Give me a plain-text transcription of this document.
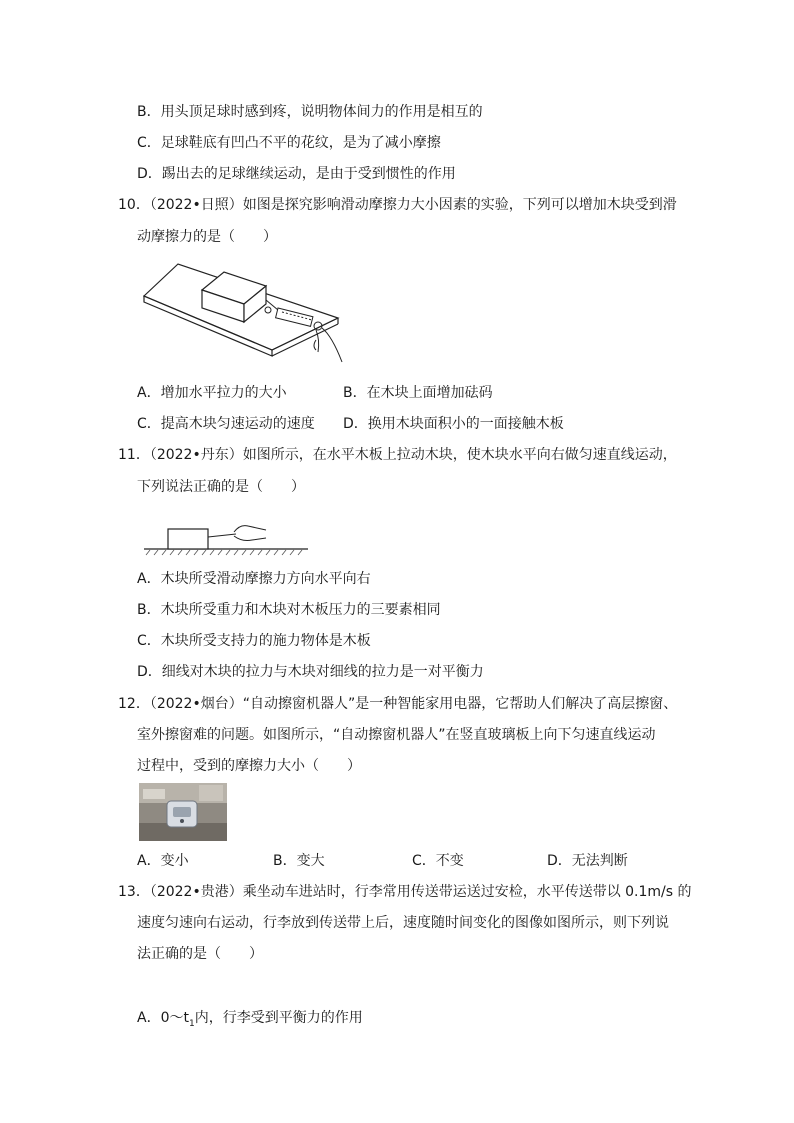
B．用头顶足球时感到疼，说明物体间力的作用是相互的
C．足球鞋底有凹凸不平的花纹，是为了减小摩擦
D．踢出去的足球继续运动，是由于受到惯性的作用
10．（2022•日照）如图是探究影响滑动摩擦力大小因素的实验，下列可以增加木块受到滑
动摩擦力的是（　　）
A．增加水平拉力的大小	B．在木块上面增加砝码
C．提高木块匀速运动的速度 D．换用木块面积小的一面接触木板
11．（2022•丹东）如图所示，在水平木板上拉动木块，使木块水平向右做匀速直线运动，
下列说法正确的是（　　）
A．木块所受滑动摩擦力方向水平向右
B．木块所受重力和木块对木板压力的三要素相同
C．木块所受支持力的施力物体是木板
D．细线对木块的拉力与木块对细线的拉力是一对平衡力
12．（2022•烟台）“自动擦窗机器人”是一种智能家用电器，它帮助人们解决了高层擦窗、
室外擦窗难的问题。如图所示，“自动擦窗机器人”在竖直玻璃板上向下匀速直线运动
过程中，受到的摩擦力大小（　　）
A．变小	B．变大	C．不变	D．无法判断
13．（2022•贵港）乘坐动车进站时，行李常用传送带运送过安检，水平传送带以 0.1m/s 的
速度匀速向右运动，行李放到传送带上后，速度随时间变化的图像如图所示，则下列说
法正确的是（　　）
A．$0\sim t_1$内，行李受到平衡力的作用
